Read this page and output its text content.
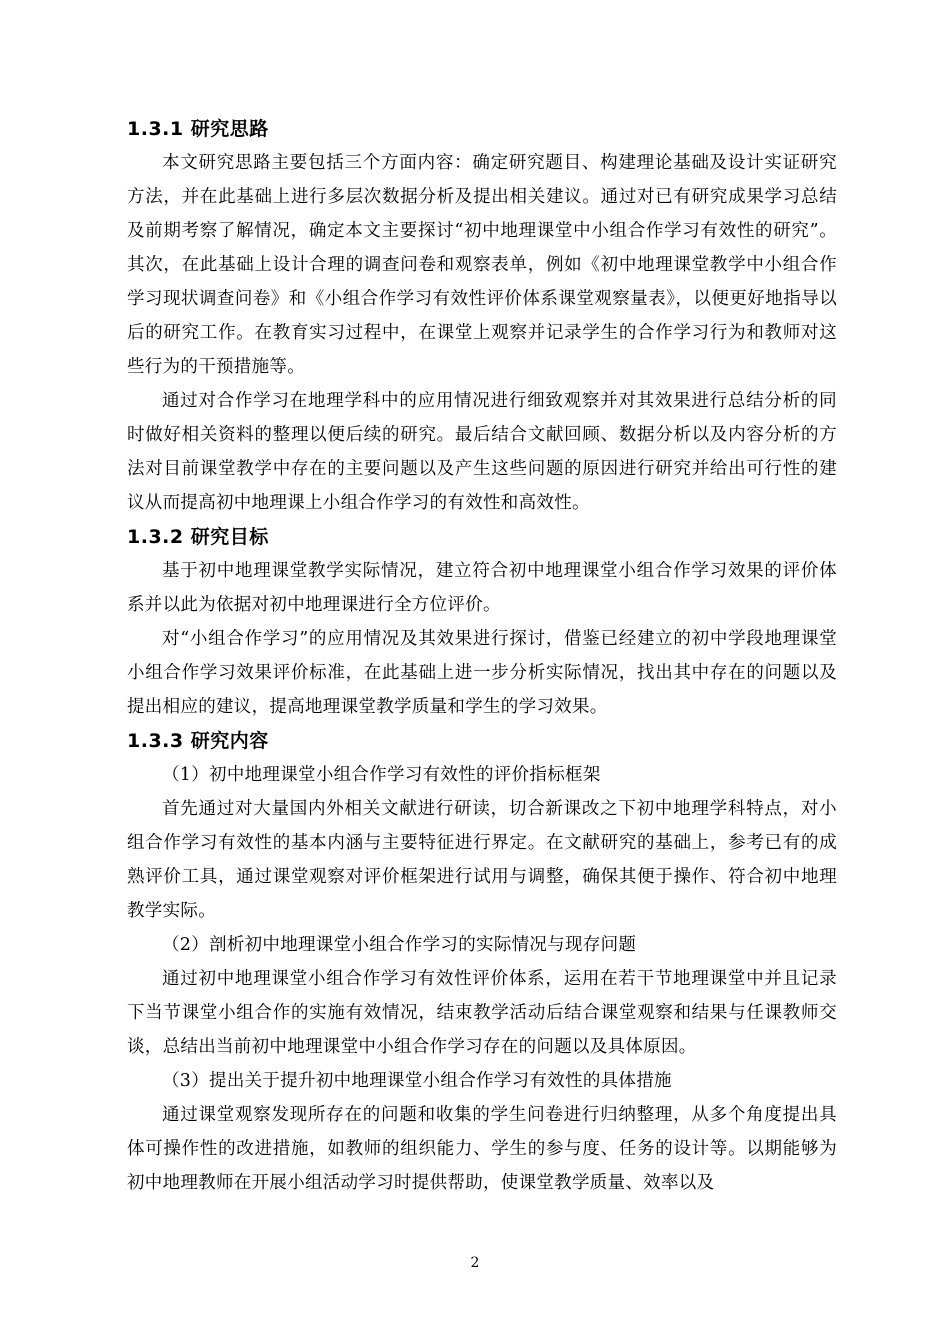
1.3.1 研究思路

本文研究思路主要包括三个方面内容：确定研究题目、构建理论基础及设计实证研究方法，并在此基础上进行多层次数据分析及提出相关建议。通过对已有研究成果学习总结及前期考察了解情况，确定本文主要探讨“初中地理课堂中小组合作学习有效性的研究”。其次，在此基础上设计合理的调查问卷和观察表单，例如《初中地理课堂教学中小组合作学习现状调查问卷》和《小组合作学习有效性评价体系课堂观察量表》，以便更好地指导以后的研究工作。在教育实习过程中，在课堂上观察并记录学生的合作学习行为和教师对这些行为的干预措施等。

通过对合作学习在地理学科中的应用情况进行细致观察并对其效果进行总结分析的同时做好相关资料的整理以便后续的研究。最后结合文献回顾、数据分析以及内容分析的方法对目前课堂教学中存在的主要问题以及产生这些问题的原因进行研究并给出可行性的建议从而提高初中地理课上小组合作学习的有效性和高效性。

1.3.2 研究目标

基于初中地理课堂教学实际情况，建立符合初中地理课堂小组合作学习效果的评价体系并以此为依据对初中地理课进行全方位评价。

对“小组合作学习”的应用情况及其效果进行探讨，借鉴已经建立的初中学段地理课堂小组合作学习效果评价标准，在此基础上进一步分析实际情况，找出其中存在的问题以及提出相应的建议，提高地理课堂教学质量和学生的学习效果。

1.3.3 研究内容

（1）初中地理课堂小组合作学习有效性的评价指标框架

首先通过对大量国内外相关文献进行研读，切合新课改之下初中地理学科特点，对小组合作学习有效性的基本内涵与主要特征进行界定。在文献研究的基础上，参考已有的成熟评价工具，通过课堂观察对评价框架进行试用与调整，确保其便于操作、符合初中地理教学实际。

（2）剖析初中地理课堂小组合作学习的实际情况与现存问题

通过初中地理课堂小组合作学习有效性评价体系，运用在若干节地理课堂中并且记录下当节课堂小组合作的实施有效情况，结束教学活动后结合课堂观察和结果与任课教师交谈，总结出当前初中地理课堂中小组合作学习存在的问题以及具体原因。

（3）提出关于提升初中地理课堂小组合作学习有效性的具体措施

通过课堂观察发现所存在的问题和收集的学生问卷进行归纳整理，从多个角度提出具体可操作性的改进措施，如教师的组织能力、学生的参与度、任务的设计等。以期能够为初中地理教师在开展小组活动学习时提供帮助，使课堂教学质量、效率以及

2
